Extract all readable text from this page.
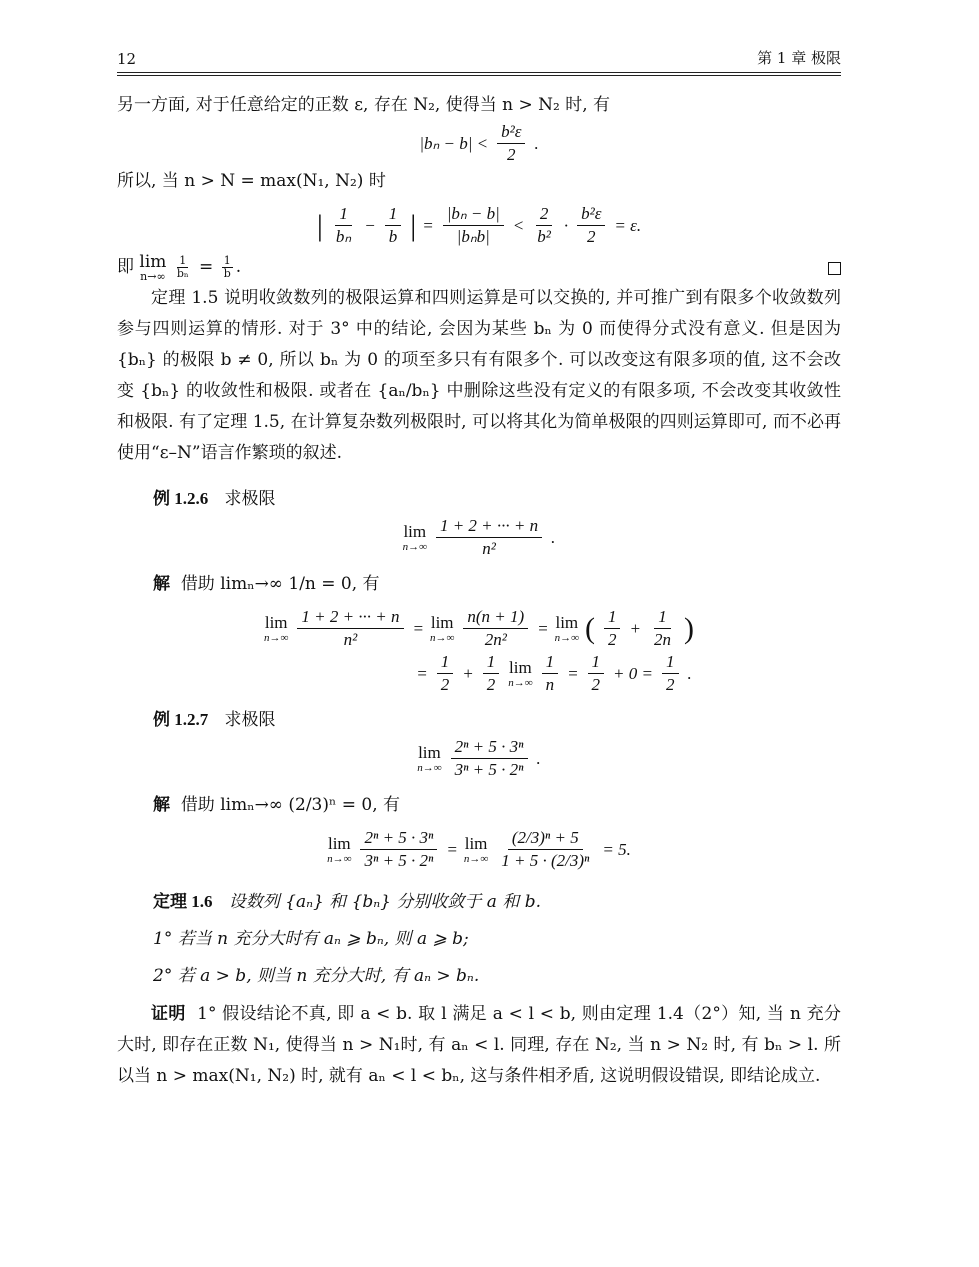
12	第 1 章 极限
另一方面, 对于任意给定的正数 ε, 存在 N₂, 使得当 n > N₂ 时, 有
$|b_n - b| < \frac{\text{b²ε}}{2}$ .
所以, 当 n > N = max(N₁, N₂) 时
| $\frac{1}{\text{bₙ}} - \frac{1}{b}$ | = $\frac{\text{|bₙ − b|}}{\text{|bₙb|}} < \frac{2}{\text{b²}} \cdot \frac{\text{b²ε}}{2} = \varepsilon$.
即 lim
n→∞
$\frac{1}{\text{bₙ}} = \frac{1}{b}$ .
定理 1.5 说明收敛数列的极限运算和四则运算是可以交换的, 并可推广到有限多个收敛数列参与四则运算的情形. 对于 3° 中的结论, 会因为某些 bₙ 为 0 而使得分式没有意义. 但是因为 {bₙ} 的极限 b ≠ 0, 所以 bₙ 为 0 的项至多只有有限多个. 可以改变这有限多项的值, 这不会改变 {bₙ} 的收敛性和极限. 或者在 {aₙ/bₙ} 中删除这些没有定义的有限多项, 不会改变其收敛性和极限. 有了定理 1.5, 在计算复杂数列极限时, 可以将其化为简单极限的四则运算即可, 而不必再使用“ε–N”语言作繁琐的叙述.
例 1.2.6 求极限
lim
$n\to\infty \frac{1 + 2 + \cdot\cdot\cdot + n}{\text{n²}}$ .
解 借助 limₙ→∞ 1/n = 0, 有
lim
$n\to\infty \frac{1 + 2 + \cdot\cdot\cdot + n}{\text{n²}} = \lim$
$n\to\infty \frac{n(n + 1)}{\text{2n²}} = \lim$
n→∞ ( $\frac{1}{2} + \frac{1}{2n}$ )
= $\frac{1}{2} + \frac{1}{2}$ lim
$n\to\infty \frac{1}{n} = \frac{1}{2} + 0 = \frac{1}{2}$ .
例 1.2.7 求极限
lim
$n\to\infty \frac{\text{2ⁿ + 5 · 3ⁿ}}{\text{3ⁿ + 5 · 2ⁿ}}$ .
解 借助 limₙ→∞ (2/3)ⁿ = 0, 有
lim
$n\to\infty \frac{\text{2ⁿ + 5 · 3ⁿ}}{\text{3ⁿ + 5 · 2ⁿ}} = \lim$
$n\to\infty \frac{\text{(2/3)ⁿ + 5}}{\text{1 + 5 · (2/3)ⁿ}} = 5$.
定理 1.6 设数列 {aₙ} 和 {bₙ} 分别收敛于 a 和 b.
1° 若当 n 充分大时有 aₙ ⩾ bₙ, 则 a ⩾ b;
2° 若 a > b, 则当 n 充分大时, 有 aₙ > bₙ.
证明 1° 假设结论不真, 即 a < b. 取 l 满足 a < l < b, 则由定理 1.4（2°）知, 当 n 充分大时, 即存在正数 N₁, 使得当 n > N₁时, 有 aₙ < l. 同理, 存在 N₂, 当 n > N₂ 时, 有 bₙ > l. 所以当 n > max(N₁, N₂) 时, 就有 aₙ < l < bₙ, 这与条件相矛盾, 这说明假设错误, 即结论成立.
